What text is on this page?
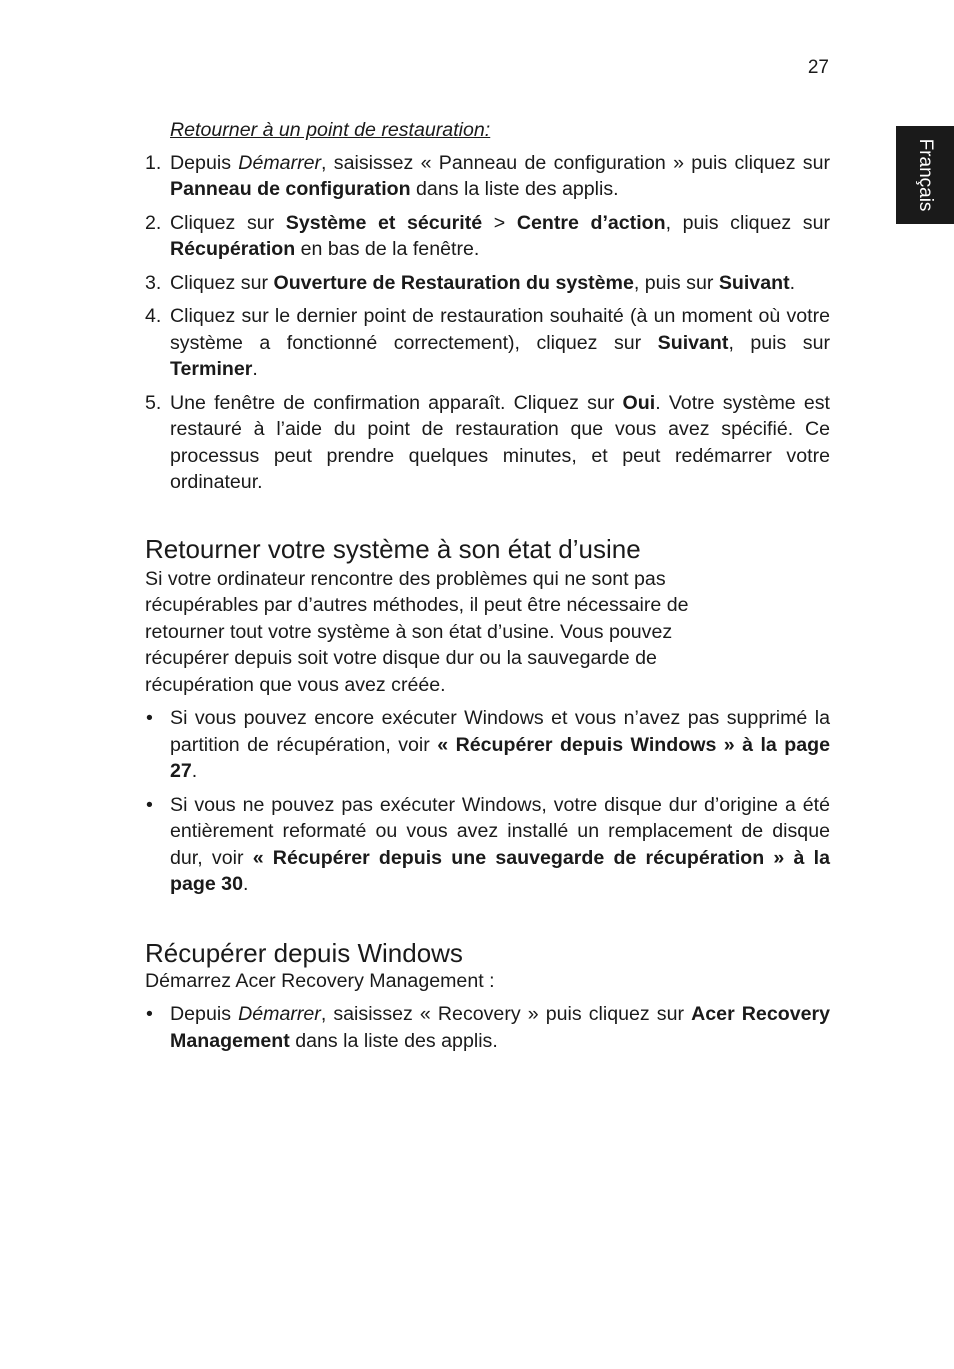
27
Français
Retourner à un point de restauration:
1. Depuis Démarrer, saisissez « Panneau de configuration » puis cliquez sur Panneau de configuration dans la liste des applis.
2. Cliquez sur Système et sécurité > Centre d’action, puis cliquez sur Récupération en bas de la fenêtre.
3. Cliquez sur Ouverture de Restauration du système, puis sur Suivant.
4. Cliquez sur le dernier point de restauration souhaité (à un moment où votre système a fonctionné correctement), cliquez sur Suivant, puis sur Terminer.
5. Une fenêtre de confirmation apparaît. Cliquez sur Oui. Votre système est restauré à l’aide du point de restauration que vous avez spécifié. Ce processus peut prendre quelques minutes, et peut redémarrer votre ordinateur.
Retourner votre système à son état d’usine

Si votre ordinateur rencontre des problèmes qui ne sont pas récupérables par d’autres méthodes, il peut être nécessaire de retourner tout votre système à son état d’usine. Vous pouvez récupérer depuis soit votre disque dur ou la sauvegarde de récupération que vous avez créée.

• Si vous pouvez encore exécuter Windows et vous n’avez pas supprimé la partition de récupération, voir « Récupérer depuis Windows » à la page 27.
• Si vous ne pouvez pas exécuter Windows, votre disque dur d’origine a été entièrement reformaté ou vous avez installé un remplacement de disque dur, voir « Récupérer depuis une sauvegarde de récupération » à la page 30.
Récupérer depuis Windows

Démarrez Acer Recovery Management :

• Depuis Démarrer, saisissez « Recovery » puis cliquez sur Acer Recovery Management dans la liste des applis.
